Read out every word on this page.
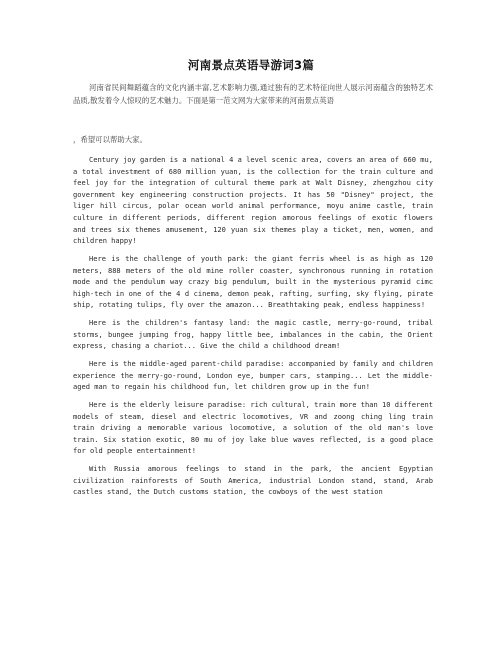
河南景点英语导游词3篇
河南省民间舞蹈蕴含的文化内涵丰富,艺术影响力强,通过独有的艺术特征向世人展示河南蕴含的独特艺术品质,散发着令人惊叹的艺术魅力。下面是第一范文网为大家带来的河南景点英语
，希望可以帮助大家。

Century joy garden is a national 4 a level scenic area, covers an area of 660 mu, a total investment of 680 million yuan, is the collection for the train culture and feel joy for the integration of cultural theme park at Walt Disney, zhengzhou city government key engineering construction projects. It has 50 "Disney" project, the liger hill circus, polar ocean world animal performance, moyu anime castle, train culture in different periods, different region amorous feelings of exotic flowers and trees six themes amusement, 120 yuan six themes play a ticket, men, women, and children happy!

Here is the challenge of youth park: the giant ferris wheel is as high as 120 meters, 888 meters of the old mine roller coaster, synchronous running in rotation mode and the pendulum way crazy big pendulum, built in the mysterious pyramid cimc high-tech in one of the 4 d cinema, demon peak, rafting, surfing, sky flying, pirate ship, rotating tulips, fly over the amazon... Breathtaking peak, endless happiness!

Here is the children's fantasy land: the magic castle, merry-go-round, tribal storms, bungee jumping frog, happy little bee, imbalances in the cabin, the Orient express, chasing a chariot... Give the child a childhood dream!

Here is the middle-aged parent-child paradise: accompanied by family and children experience the merry-go-round, London eye, bumper cars, stamping... Let the middle-aged man to regain his childhood fun, let children grow up in the fun!

Here is the elderly leisure paradise: rich cultural, train more than 10 different models of steam, diesel and electric locomotives, VR and zoong ching ling train train driving a memorable various locomotive, a solution of the old man's love train. Six station exotic, 80 mu of joy lake blue waves reflected, is a good place for old people entertainment!

With Russia amorous feelings to stand in the park, the ancient Egyptian civilization rainforests of South America, industrial London stand, stand, Arab castles stand, the Dutch customs station, the cowboys of the west station
